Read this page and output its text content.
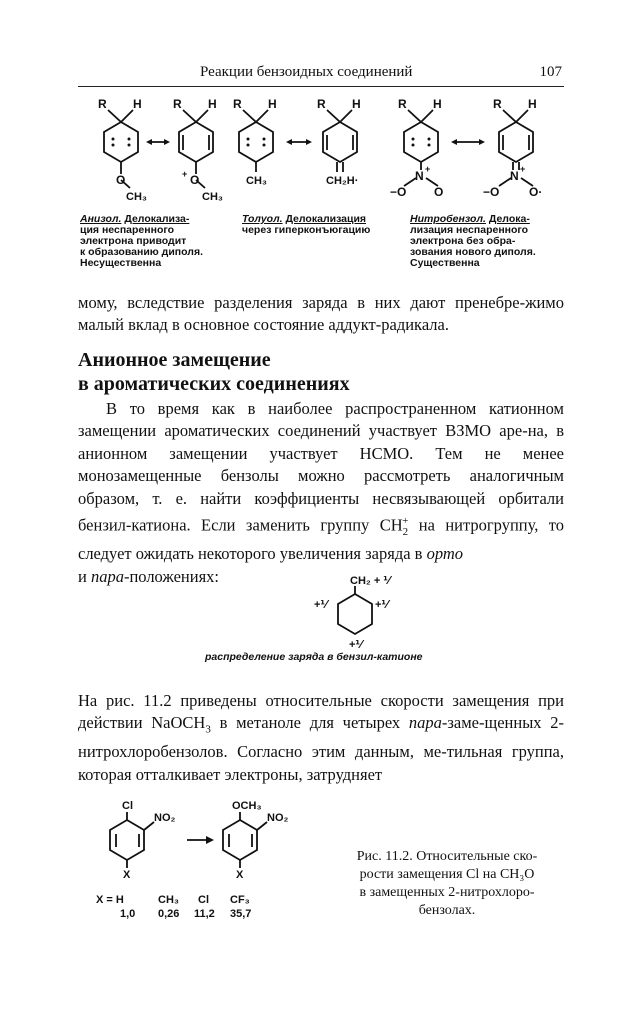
Реакции бензоидных соединений	107
R H	R H R H	R H	R H	R H
O
CH₃
+ O
CH₃
CH₃	CH₂H·	N +
−O O
N +
−O O·
Анизол. Делокализа-
ция неспаренного
электрона приводит
к образованию диполя.
Несущественна
Толуол. Делокализация
через гиперконъюгацию
Нитробензол. Делока-
лизация неспаренного
электрона без обра-
зования нового диполя.
Существенна

мому, вследствие разделения заряда в них дают пренебре-жимо малый вклад в основное состояние аддукт-радикала.

Анионное замещение
в ароматических соединениях

В то время как в наиболее распространенном катионном замещении ароматических соединений участвует ВЗМО аре-на, в анионном замещении участвует НСМО. Тем не менее монозамещенные бензолы можно рассмотреть аналогичным образом, т. е. найти коэффициенты несвязывающей орбитали бензил-катиона. Если заменить группу $CH_2^+$ на нитрогруппу, то следует ожидать некоторого увеличения заряда в орто
и пара-положениях:	CH₂ + ⅟
+⅟	+⅟
+⅟
распределение заряда в бензил-катионе

На рис. 11.2 приведены относительные скорости замещения при действии NaOCH$_3$ в метаноле для четырех пара-заме-щенных 2-нитрохлоробензолов. Согласно этим данным, ме-тильная группа, которая отталкивает электроны, затрудняет

Cl
NO₂
X
OCH₃
NO₂
X
X = H	CH₃ Cl CF₃
1,0 0,26 11,2 35,7
Рис. 11.2. Относительные ско-
рости замещения Cl на CH₃O
в замещенных 2-нитрохлоро-
бензолах.
